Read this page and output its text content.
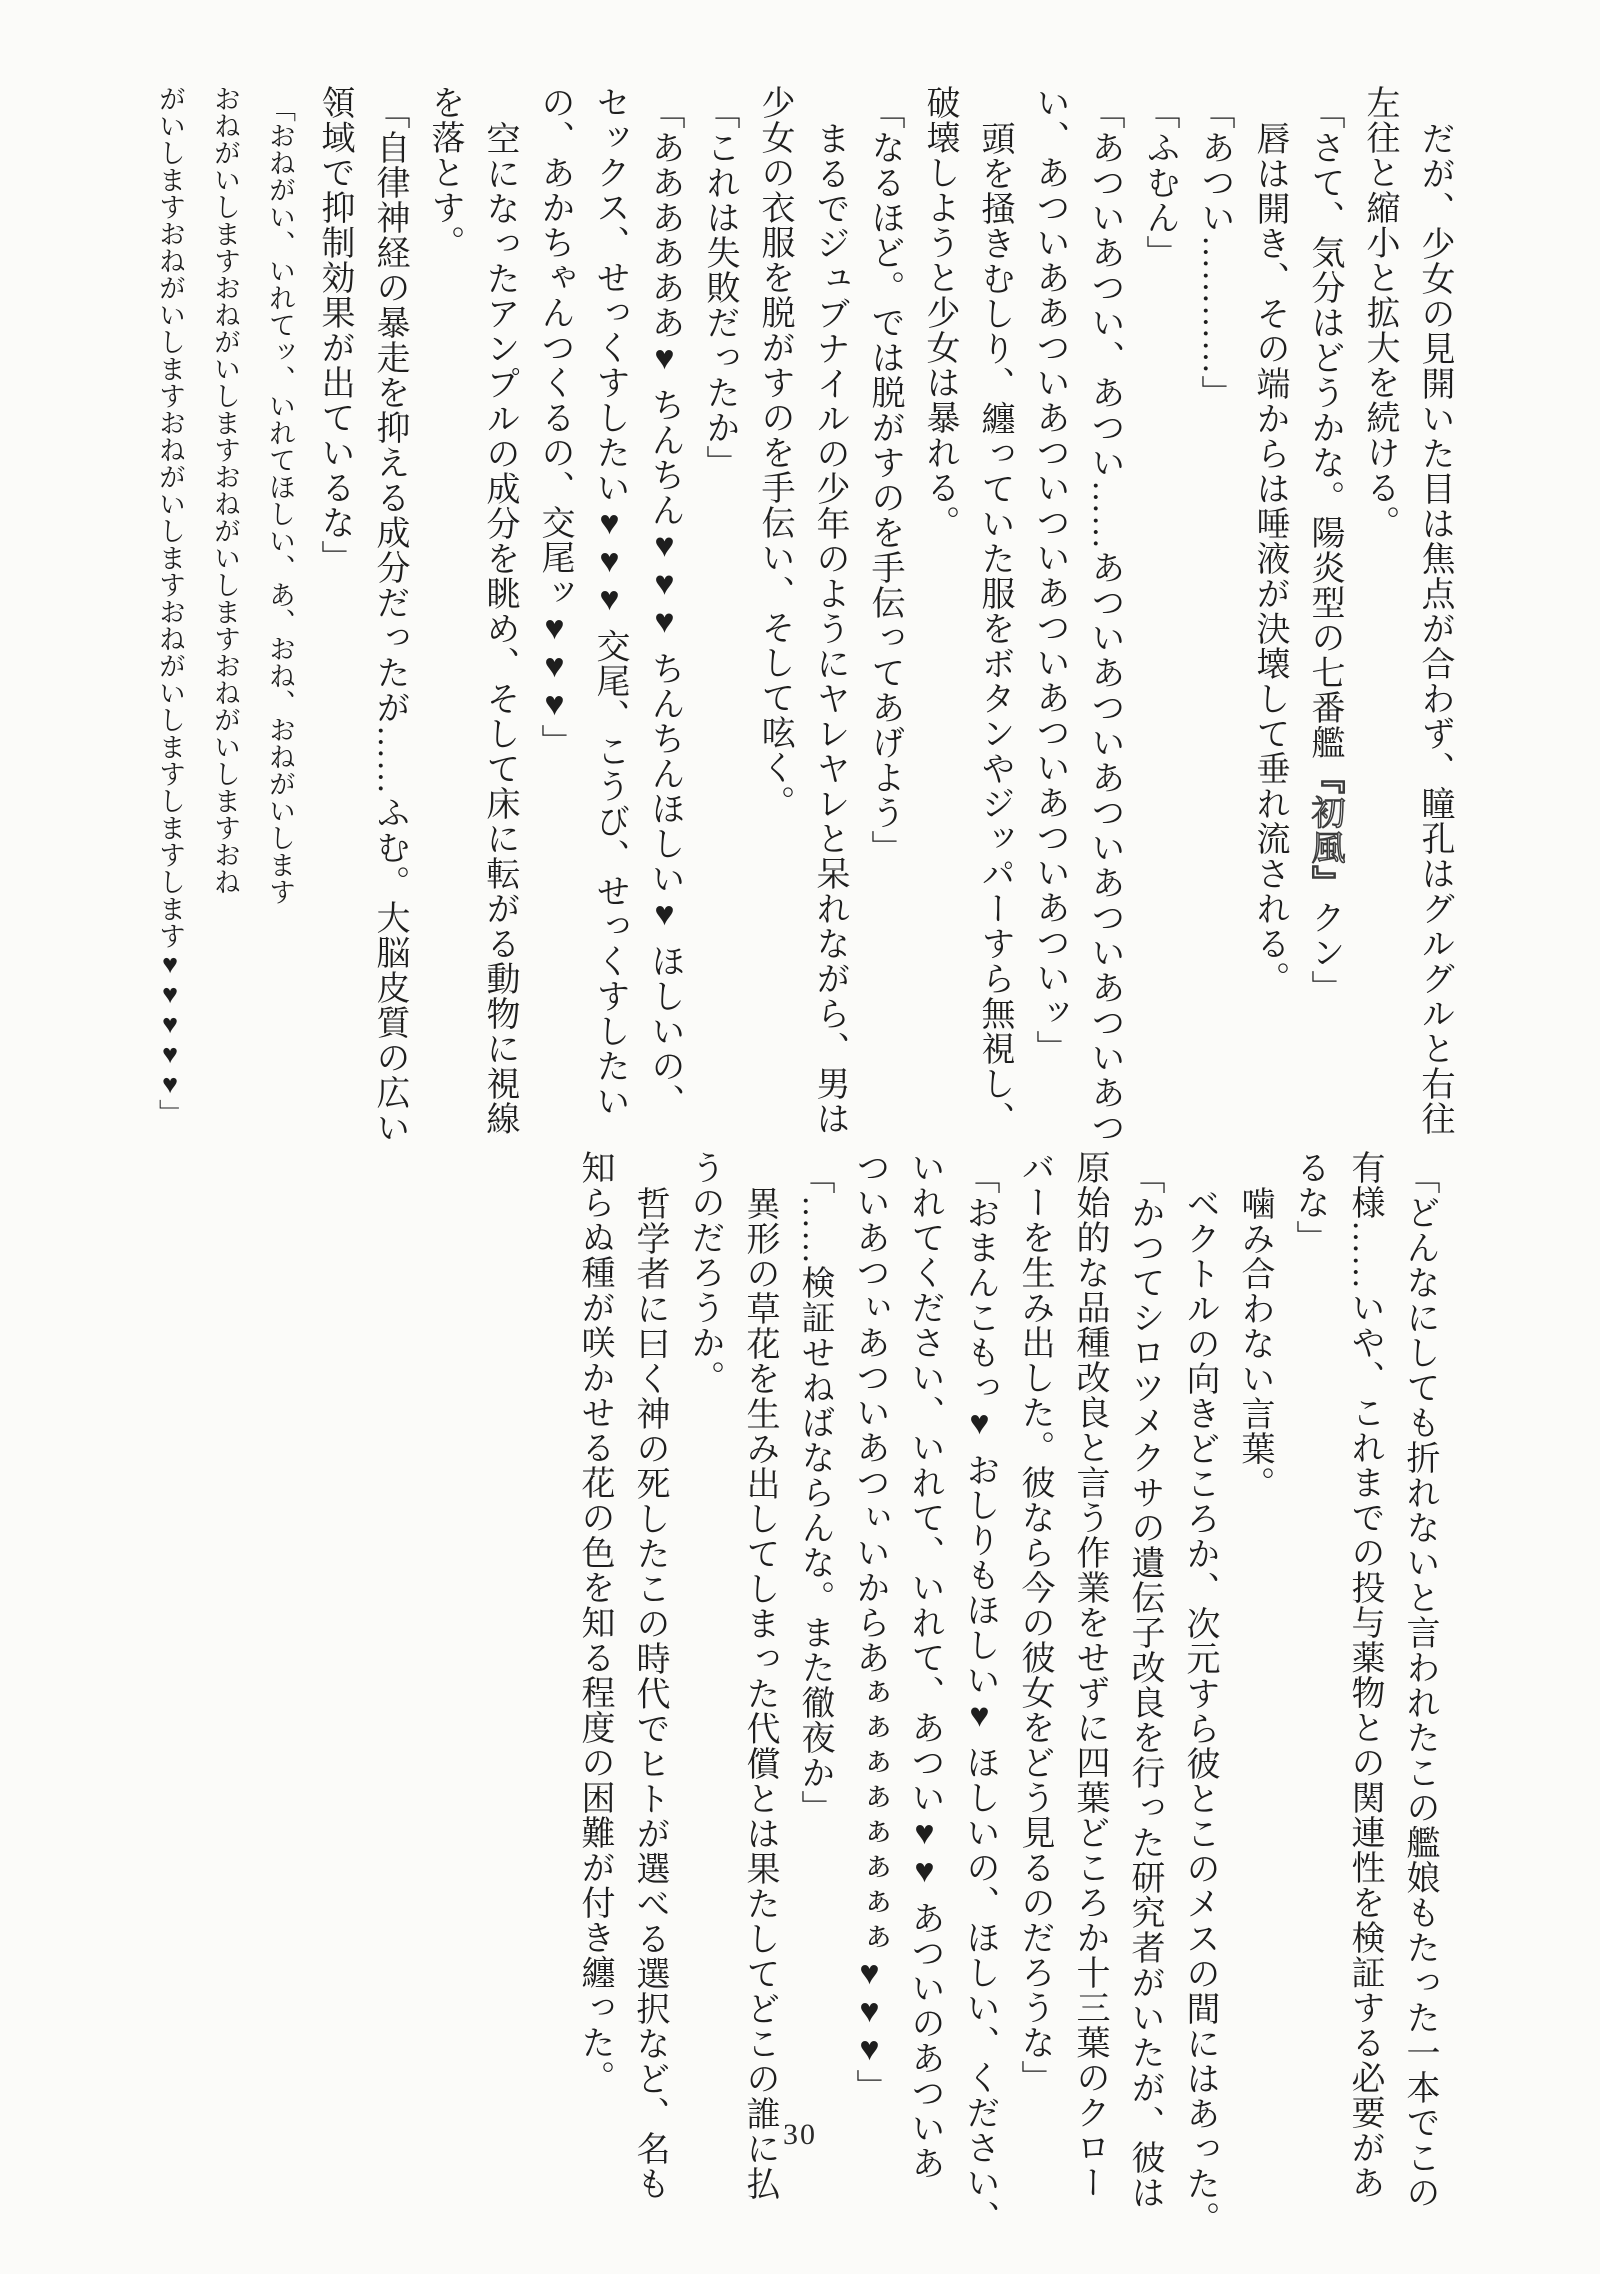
だが、少女の見開いた目は焦点が合わず、瞳孔はグルグルと右往

左往と縮小と拡大を続ける。

「さて、気分はどうかな。陽炎型の七番艦『初風』クン」

唇は開き、その端からは唾液が決壊して垂れ流される。

「あつい…………」

「ふむん」

「あついあつい、あつい……あついあついあついあついあついあつ

い、あついああついあついついあついあついあついあついッ」

頭を掻きむしり、纏っていた服をボタンやジッパーすら無視し、

破壊しようと少女は暴れる。

「なるほど。では脱がすのを手伝ってあげよう」

まるでジュブナイルの少年のようにヤレヤレと呆れながら、男は

少女の衣服を脱がすのを手伝い、そして呟く。

「これは失敗だったか」

「ああああああ♥ ちんちん♥♥♥ ちんちんほしい♥ ほしいの、

セックス、せっくすしたい♥♥♥ 交尾、こうび、せっくすしたい

の、あかちゃんつくるの、交尾ッ♥♥♥」

空になったアンプルの成分を眺め、そして床に転がる動物に視線

を落とす。

「自律神経の暴走を抑える成分だったが……ふむ。大脳皮質の広い

領域で抑制効果が出ているな」

「おねがい、いれてッ、いれてほしい、あ、おね、おねがいします

おねがいしますおねがいしますおねがいしますおねがいしますおね

がいしますおねがいしますおねがいしますおねがいしますしますします♥♥♥♥♥」

「どんなにしても折れないと言われたこの艦娘もたった一本でこの

有様……いや、これまでの投与薬物との関連性を検証する必要があ

るな」

噛み合わない言葉。

ベクトルの向きどころか、次元すら彼とこのメスの間にはあった。

「かつてシロツメクサの遺伝子改良を行った研究者がいたが、彼は

原始的な品種改良と言う作業をせずに四葉どころか十三葉のクロー

バーを生み出した。彼なら今の彼女をどう見るのだろうな」

「おまんこもっ♥ おしりもほしい♥ ほしいの、ほしい、ください、

いれてください、いれて、いれて、あつい♥♥ あついのあついあ

ついあつぃあついあつぃいからあぁぁぁぁぁぁぁぁ♥♥♥」

「……検証せねばならんな。また徹夜か」

異形の草花を生み出してしまった代償とは果たしてどこの誰に払

うのだろうか。

哲学者に曰く神の死したこの時代でヒトが選べる選択など、名も

知らぬ種が咲かせる花の色を知る程度の困難が付き纏った。

30
